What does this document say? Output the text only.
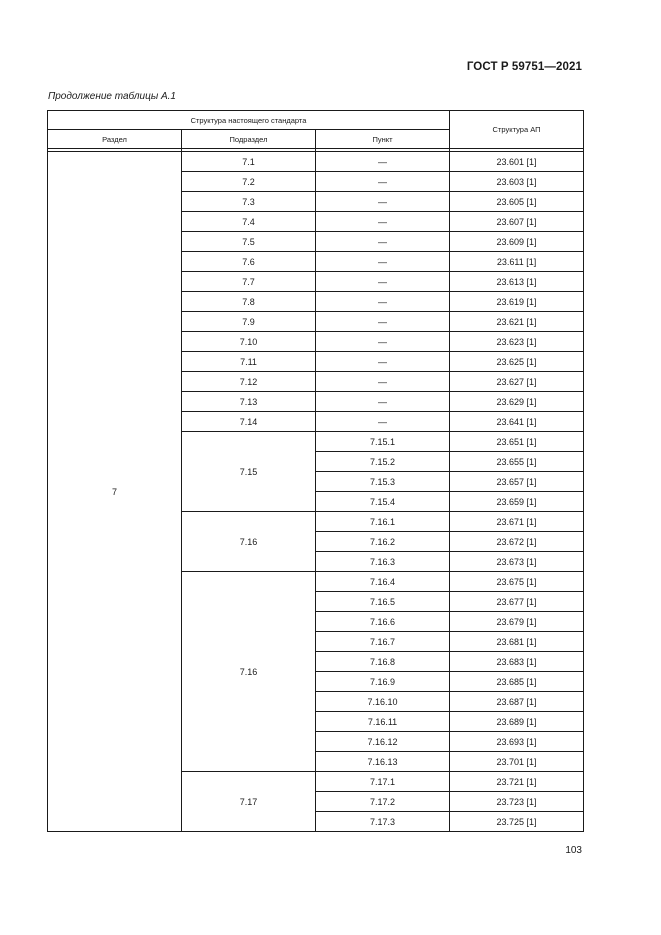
ГОСТ Р 59751—2021
Продолжение таблицы А.1
Структура настоящего стандарта			Структура АП
Раздел	Подраздел	Пункт	

7	7.1	—	23.601 [1]
	7.2	—	23.603 [1]
	7.3	—	23.605 [1]
	7.4	—	23.607 [1]
	7.5	—	23.609 [1]
	7.6	—	23.611 [1]
	7.7	—	23.613 [1]
	7.8	—	23.619 [1]
	7.9	—	23.621 [1]
	7.10	—	23.623 [1]
	7.11	—	23.625 [1]
	7.12	—	23.627 [1]
	7.13	—	23.629 [1]
	7.14	—	23.641 [1]
	7.15	7.15.1	23.651 [1]
		7.15.2	23.655 [1]
		7.15.3	23.657 [1]
		7.15.4	23.659 [1]
	7.16	7.16.1	23.671 [1]
		7.16.2	23.672 [1]
		7.16.3	23.673 [1]
	7.16	7.16.4	23.675 [1]
		7.16.5	23.677 [1]
		7.16.6	23.679 [1]
		7.16.7	23.681 [1]
		7.16.8	23.683 [1]
		7.16.9	23.685 [1]
		7.16.10	23.687 [1]
		7.16.11	23.689 [1]
		7.16.12	23.693 [1]
		7.16.13	23.701 [1]
	7.17	7.17.1	23.721 [1]
		7.17.2	23.723 [1]
		7.17.3	23.725 [1]
103
